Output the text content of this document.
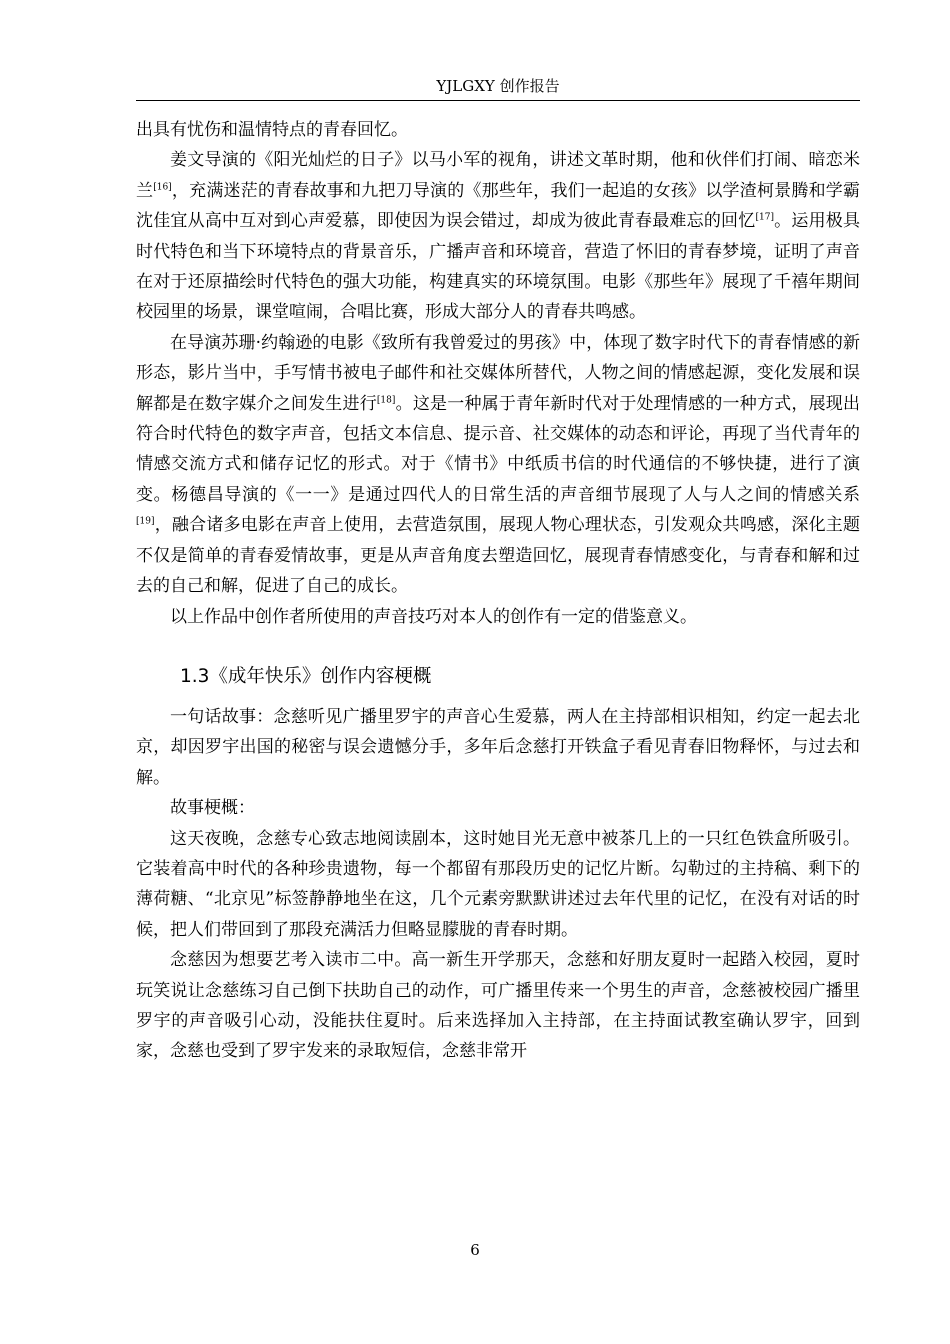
YJLGXY 创作报告

出具有忧伤和温情特点的青春回忆。

姜文导演的《阳光灿烂的日子》以马小军的视角，讲述文革时期，他和伙伴们打闹、暗恋米兰[16]，充满迷茫的青春故事和九把刀导演的《那些年，我们一起追的女孩》以学渣柯景腾和学霸沈佳宜从高中互对到心声爱慕，即使因为误会错过，却成为彼此青春最难忘的回忆[17]。运用极具时代特色和当下环境特点的背景音乐，广播声音和环境音，营造了怀旧的青春梦境，证明了声音在对于还原描绘时代特色的强大功能，构建真实的环境氛围。电影《那些年》展现了千禧年期间校园里的场景，课堂喧闹，合唱比赛，形成大部分人的青春共鸣感。

在导演苏珊·约翰逊的电影《致所有我曾爱过的男孩》中，体现了数字时代下的青春情感的新形态，影片当中，手写情书被电子邮件和社交媒体所替代，人物之间的情感起源，变化发展和误解都是在数字媒介之间发生进行[18]。这是一种属于青年新时代对于处理情感的一种方式，展现出符合时代特色的数字声音，包括文本信息、提示音、社交媒体的动态和评论，再现了当代青年的情感交流方式和储存记忆的形式。对于《情书》中纸质书信的时代通信的不够快捷，进行了演变。杨德昌导演的《一一》是通过四代人的日常生活的声音细节展现了人与人之间的情感关系[19]，融合诸多电影在声音上使用，去营造氛围，展现人物心理状态，引发观众共鸣感，深化主题不仅是简单的青春爱情故事，更是从声音角度去塑造回忆，展现青春情感变化，与青春和解和过去的自己和解，促进了自己的成长。

以上作品中创作者所使用的声音技巧对本人的创作有一定的借鉴意义。

1.3《成年快乐》创作内容梗概

一句话故事：念慈听见广播里罗宇的声音心生爱慕，两人在主持部相识相知，约定一起去北京，却因罗宇出国的秘密与误会遗憾分手，多年后念慈打开铁盒子看见青春旧物释怀，与过去和解。

故事梗概：

这天夜晚，念慈专心致志地阅读剧本，这时她目光无意中被茶几上的一只红色铁盒所吸引。它装着高中时代的各种珍贵遗物，每一个都留有那段历史的记忆片断。勾勒过的主持稿、剩下的薄荷糖、“北京见”标签静静地坐在这，几个元素旁默默讲述过去年代里的记忆，在没有对话的时候，把人们带回到了那段充满活力但略显朦胧的青春时期。

念慈因为想要艺考入读市二中。高一新生开学那天，念慈和好朋友夏时一起踏入校园，夏时玩笑说让念慈练习自己倒下扶助自己的动作，可广播里传来一个男生的声音，念慈被校园广播里罗宇的声音吸引心动，没能扶住夏时。后来选择加入主持部，在主持面试教室确认罗宇，回到家，念慈也受到了罗宇发来的录取短信，念慈非常开

6
